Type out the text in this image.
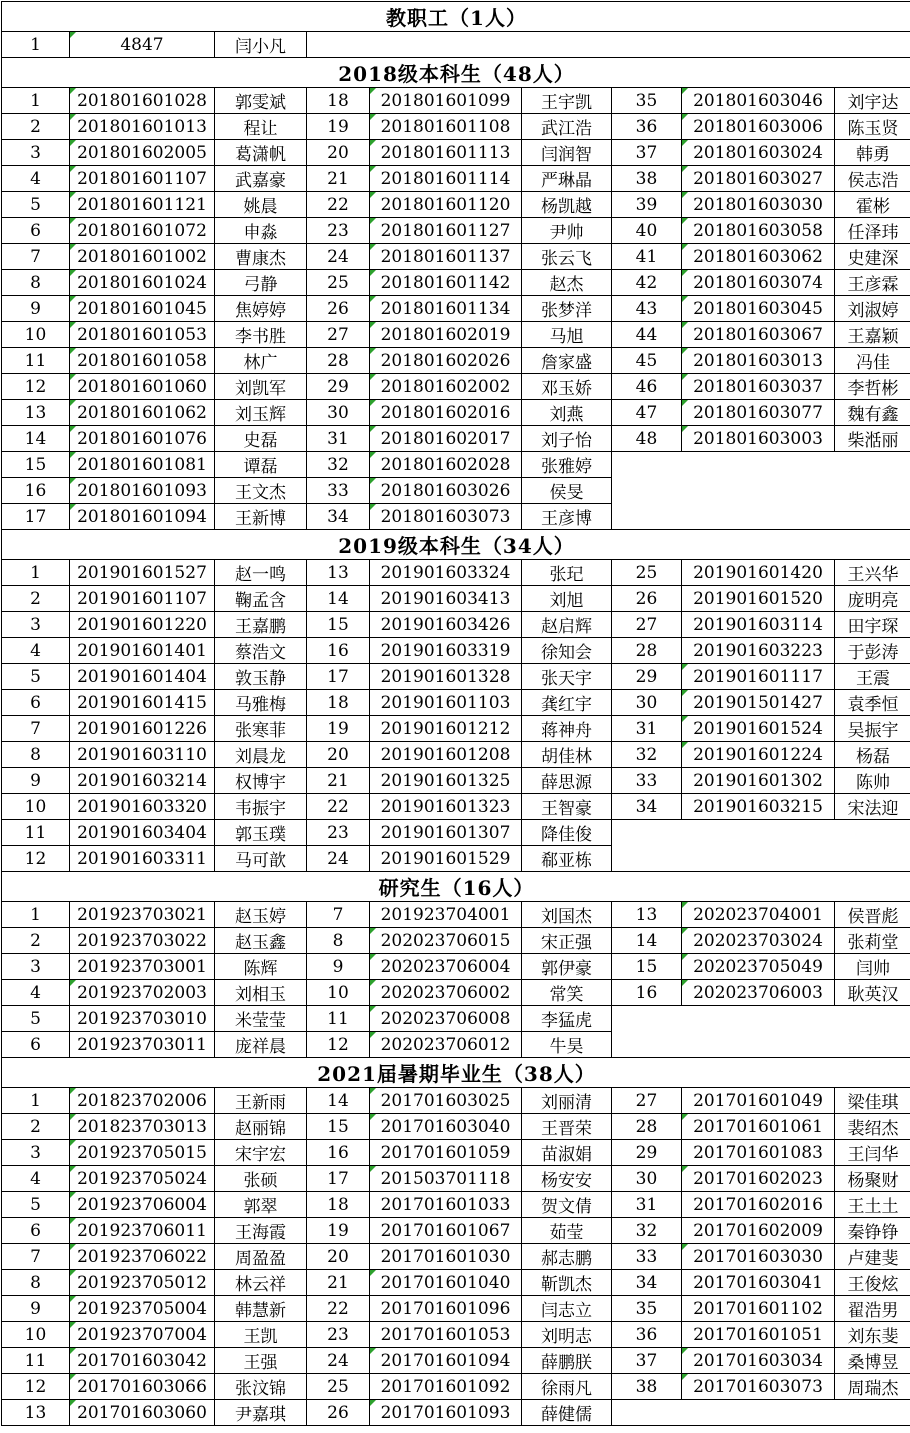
教职工（1人）								
1	4847	闫小凡						
2018级本科生（48人）								
1	201801601028	郭雯斌	18	201801601099	王宇凯	35	201801603046	刘宇达
2	201801601013	程让	19	201801601108	武江浩	36	201801603006	陈玉贤
3	201801602005	葛潇帆	20	201801601113	闫润智	37	201801603024	韩勇
4	201801601107	武嘉豪	21	201801601114	严琳晶	38	201801603027	侯志浩
5	201801601121	姚晨	22	201801601120	杨凯越	39	201801603030	霍彬
6	201801601072	申淼	23	201801601127	尹帅	40	201801603058	任泽玮
7	201801601002	曹康杰	24	201801601137	张云飞	41	201801603062	史建深
8	201801601024	弓静	25	201801601142	赵杰	42	201801603074	王彦霖
9	201801601045	焦婷婷	26	201801601134	张梦洋	43	201801603045	刘淑婷
10	201801601053	李书胜	27	201801602019	马旭	44	201801603067	王嘉颖
11	201801601058	林广	28	201801602026	詹家盛	45	201801603013	冯佳
12	201801601060	刘凯军	29	201801602002	邓玉娇	46	201801603037	李哲彬
13	201801601062	刘玉辉	30	201801602016	刘燕	47	201801603077	魏有鑫
14	201801601076	史磊	31	201801602017	刘子怡	48	201801603003	柴湉丽
15	201801601081	谭磊	32	201801602028	张雅婷			
16	201801601093	王文杰	33	201801603026	侯旻			
17	201801601094	王新博	34	201801603073	王彦博			
2019级本科生（34人）								
1	201901601527	赵一鸣	13	201901603324	张玘	25	201901601420	王兴华
2	201901601107	鞠孟含	14	201901603413	刘旭	26	201901601520	庞明亮
3	201901601220	王嘉鹏	15	201901603426	赵启辉	27	201901603114	田宇琛
4	201901601401	蔡浩文	16	201901603319	徐知会	28	201901603223	于彭涛
5	201901601404	敦玉静	17	201901601328	张天宇	29	201901601117	王震
6	201901601415	马雅梅	18	201901601103	龚红宇	30	201901501427	袁季恒
7	201901601226	张寒菲	19	201901601212	蒋神舟	31	201901601524	吴振宇
8	201901603110	刘晨龙	20	201901601208	胡佳林	32	201901601224	杨磊
9	201901603214	权博宇	21	201901601325	薛思源	33	201901601302	陈帅
10	201901603320	韦振宇	22	201901601323	王智豪	34	201901603215	宋法迎
11	201901603404	郭玉璞	23	201901601307	降佳俊			
12	201901603311	马可歆	24	201901601529	郗亚栋			
研究生（16人）								
1	201923703021	赵玉婷	7	201923704001	刘国杰	13	202023704001	侯晋彪
2	201923703022	赵玉鑫	8	202023706015	宋正强	14	202023703024	张莉堂
3	201923703001	陈辉	9	202023706004	郭伊豪	15	202023705049	闫帅
4	201923702003	刘相玉	10	202023706002	常笑	16	202023706003	耿英汉
5	201923703010	米莹莹	11	202023706008	李猛虎			
6	201923703011	庞祥晨	12	202023706012	牛昊			
2021届暑期毕业生（38人）								
1	201823702006	王新雨	14	201701603025	刘丽清	27	201701601049	梁佳琪
2	201823703013	赵丽锦	15	201701603040	王晋荣	28	201701601061	裴绍杰
3	201923705015	宋宇宏	16	201701601059	苗淑娟	29	201701601083	王闫华
4	201923705024	张硕	17	201503701118	杨安安	30	201701602023	杨聚财
5	201923706004	郭翠	18	201701601033	贺文倩	31	201701602016	王土土
6	201923706011	王海霞	19	201701601067	茹莹	32	201701602009	秦铮铮
7	201923706022	周盈盈	20	201701601030	郝志鹏	33	201701603030	卢建斐
8	201923705012	林云祥	21	201701601040	靳凯杰	34	201701603041	王俊炫
9	201923705004	韩慧新	22	201701601096	闫志立	35	201701601102	翟浩男
10	201923707004	王凯	23	201701601053	刘明志	36	201701601051	刘东斐
11	201701603042	王强	24	201701601094	薛鹏朕	37	201701603034	桑博昱
12	201701603066	张汶锦	25	201701601092	徐雨凡	38	201701603073	周瑞杰
13	201701603060	尹嘉琪	26	201701601093	薛健儒			
